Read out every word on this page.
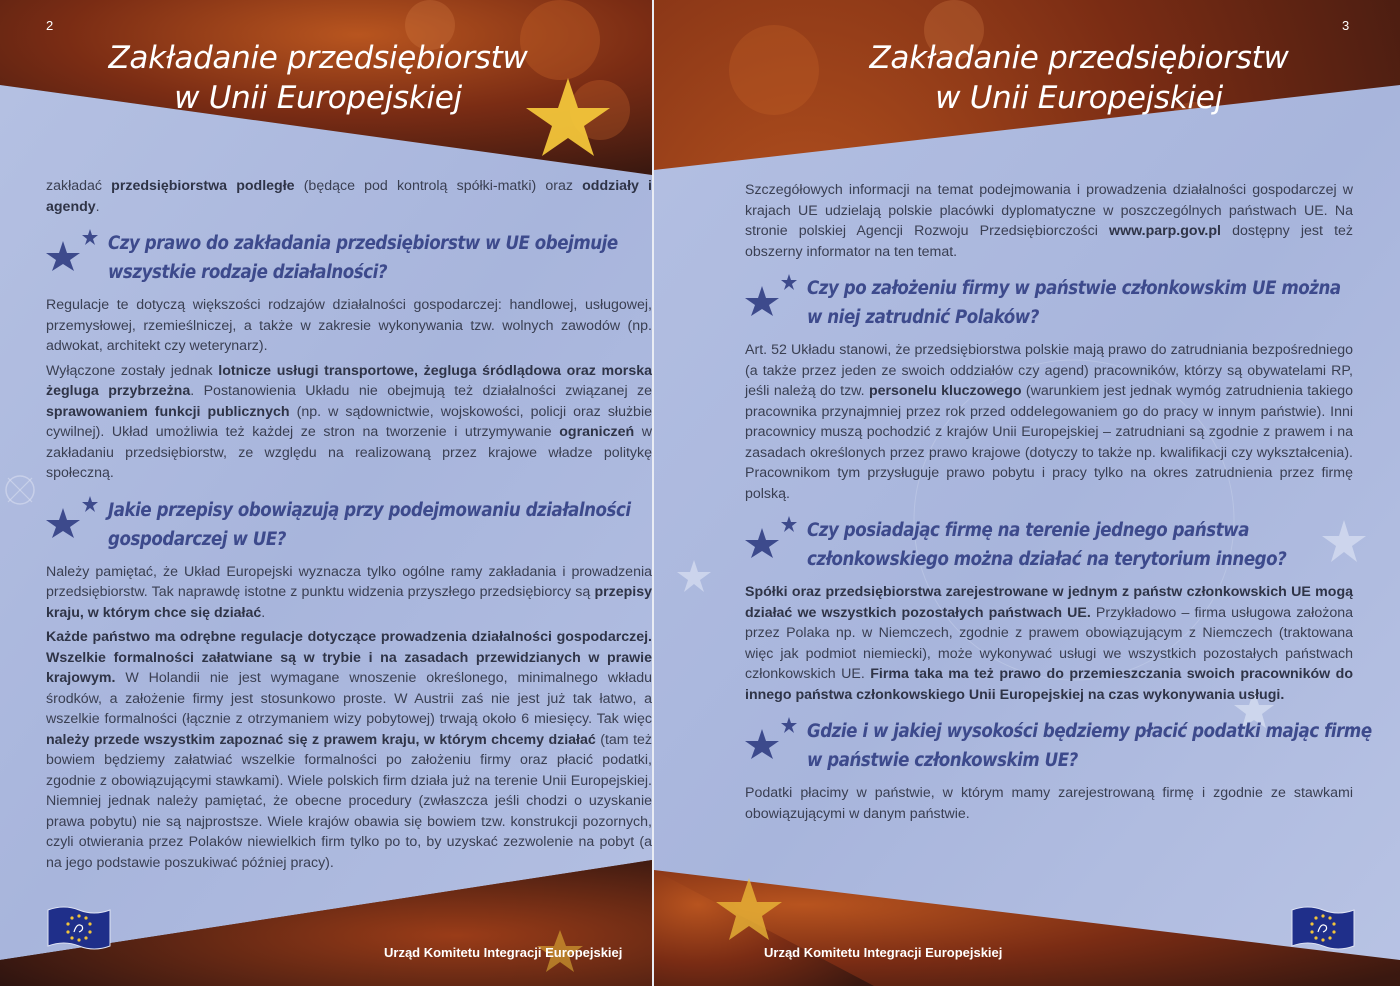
2
Zakładanie przedsiębiorstw
w Unii Europejskiej

zakładać przedsiębiorstwa podległe (będące pod kontrolą spółki-matki) oraz oddziały i agendy.

Czy prawo do zakładania przedsiębiorstw w UE obejmuje
wszystkie rodzaje działalności?

Regulacje te dotyczą większości rodzajów działalności gospodarczej: handlowej, usługowej, przemysłowej, rzemieślniczej, a także w zakresie wykonywania tzw. wolnych zawodów (np. adwokat, architekt czy weterynarz).

Wyłączone zostały jednak lotnicze usługi transportowe, żegluga śródlądowa oraz morska żegluga przybrzeżna. Postanowienia Układu nie obejmują też działalności związanej ze sprawowaniem funkcji publicznych (np. w sądownictwie, wojskowości, policji oraz służbie cywilnej). Układ umożliwia też każdej ze stron na tworzenie i utrzymywanie ograniczeń w zakładaniu przedsiębiorstw, ze względu na realizowaną przez krajowe władze politykę społeczną.

Jakie przepisy obowiązują przy podejmowaniu działalności
gospodarczej w UE?

Należy pamiętać, że Układ Europejski wyznacza tylko ogólne ramy zakładania i prowadzenia przedsiębiorstw. Tak naprawdę istotne z punktu widzenia przyszłego przedsiębiorcy są przepisy kraju, w którym chce się działać.

Każde państwo ma odrębne regulacje dotyczące prowadzenia działalności gospodarczej. Wszelkie formalności załatwiane są w trybie i na zasadach przewidzianych w prawie krajowym. W Holandii nie jest wymagane wnoszenie określonego, minimalnego wkładu środków, a założenie firmy jest stosunkowo proste. W Austrii zaś nie jest już tak łatwo, a wszelkie formalności (łącznie z otrzymaniem wizy pobytowej) trwają około 6 miesięcy. Tak więc należy przede wszystkim zapoznać się z prawem kraju, w którym chcemy działać (tam też bowiem będziemy załatwiać wszelkie formalności po założeniu firmy oraz płacić podatki, zgodnie z obowiązującymi stawkami). Wiele polskich firm działa już na terenie Unii Europejskiej. Niemniej jednak należy pamiętać, że obecne procedury (zwłaszcza jeśli chodzi o uzyskanie prawa pobytu) nie są najprostsze. Wiele krajów obawia się bowiem tzw. konstrukcji pozornych, czyli otwierania przez Polaków niewielkich firm tylko po to, by uzyskać zezwolenie na pobyt (a na jego podstawie poszukiwać później pracy).

Urząd Komitetu Integracji Europejskiej
3
Zakładanie przedsiębiorstw
w Unii Europejskiej

Szczegółowych informacji na temat podejmowania i prowadzenia działalności gospodarczej w krajach UE udzielają polskie placówki dyplomatyczne w poszczególnych państwach UE. Na stronie polskiej Agencji Rozwoju Przedsiębiorczości www.parp.gov.pl dostępny jest też obszerny informator na ten temat.

Czy po założeniu firmy w państwie członkowskim UE można
w niej zatrudnić Polaków?

Art. 52 Układu stanowi, że przedsiębiorstwa polskie mają prawo do zatrudniania bezpośredniego (a także przez jeden ze swoich oddziałów czy agend) pracowników, którzy są obywatelami RP, jeśli należą do tzw. personelu kluczowego (warunkiem jest jednak wymóg zatrudnienia takiego pracownika przynajmniej przez rok przed oddelegowaniem go do pracy w innym państwie). Inni pracownicy muszą pochodzić z krajów Unii Europejskiej – zatrudniani są zgodnie z prawem i na zasadach określonych przez prawo krajowe (dotyczy to także np. kwalifikacji czy wykształcenia). Pracownikom tym przysługuje prawo pobytu i pracy tylko na okres zatrudnienia przez firmę polską.

Czy posiadając firmę na terenie jednego państwa
członkowskiego można działać na terytorium innego?

Spółki oraz przedsiębiorstwa zarejestrowane w jednym z państw członkowskich UE mogą działać we wszystkich pozostałych państwach UE. Przykładowo – firma usługowa założona przez Polaka np. w Niemczech, zgodnie z prawem obowiązującym z Niemczech (traktowana więc jak podmiot niemiecki), może wykonywać usługi we wszystkich pozostałych państwach członkowskich UE. Firma taka ma też prawo do przemieszczania swoich pracowników do innego państwa członkowskiego Unii Europejskiej na czas wykonywania usługi.

Gdzie i w jakiej wysokości będziemy płacić podatki mając firmę
w państwie członkowskim UE?

Podatki płacimy w państwie, w którym mamy zarejestrowaną firmę i zgodnie ze stawkami obowiązującymi w danym państwie.

Urząd Komitetu Integracji Europejskiej
